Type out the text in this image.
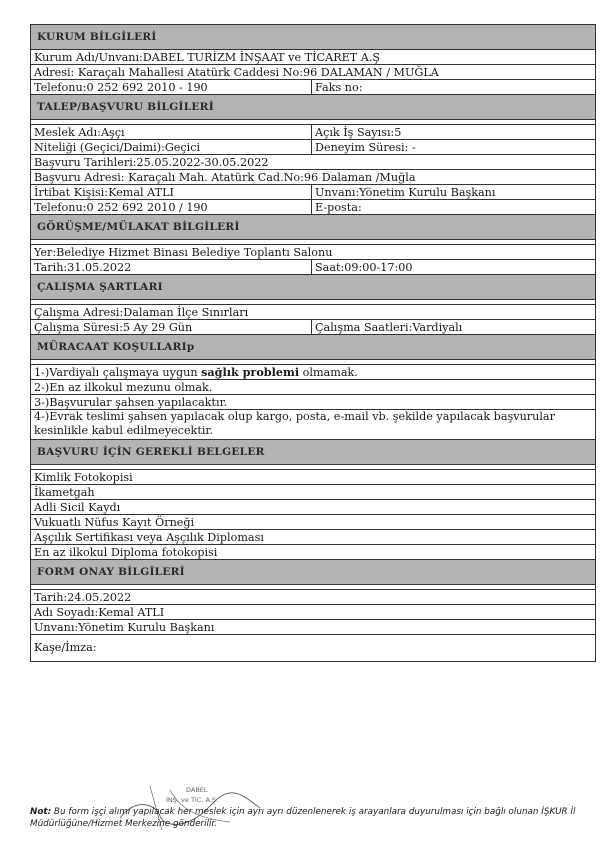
KURUM BİLGİLERİ
Kurum Adı/Unvanı:DABEL TURİZM İNŞAAT ve TİCARET A.Ş
Adresi: Karaçalı Mahallesi Atatürk Caddesi No:96 DALAMAN / MUĞLA
Telefonu:0 252 692 2010 - 190	Faks no:
TALEP/BAŞVURU BİLGİLERİ
Meslek Adı:Aşçı	Açık İş Sayısı:5
Niteliği (Geçici/Daimi):Geçici	Deneyim Süresi: -
Başvuru Tarihleri:25.05.2022-30.05.2022
Başvuru Adresi: Karaçalı Mah. Atatürk Cad.No:96 Dalaman /Muğla
İrtibat Kişisi:Kemal ATLI	Unvanı:Yönetim Kurulu Başkanı
Telefonu:0 252 692 2010 / 190	E-posta:
GÖRÜŞME/MÜLAKAT BİLGİLERİ
Yer:Belediye Hizmet Binası Belediye Toplantı Salonu
Tarih:31.05.2022	Saat:09:00-17:00
ÇALIŞMA ŞARTLARI
Çalışma Adresi:Dalaman İlçe Sınırları
Çalışma Süresi:5 Ay 29 Gün	Çalışma Saatleri:Vardiyalı
MÜRACAAT KOŞULLARIp
1-)Vardiyalı çalışmaya uygun sağlık problemi olmamak.
2-)En az ilkokul mezunu olmak.
3-)Başvurular şahsen yapılacaktır.
4-)Evrak teslimi şahsen yapılacak olup kargo, posta, e-mail vb. şekilde yapılacak başvurular kesinlikle kabul edilmeyecektir.
BAŞVURU İÇİN GEREKLİ BELGELER
Kimlik Fotokopisi
İkametgah
Adli Sicil Kaydı
Vukuatlı Nüfus Kayıt Örneği
Aşçılık Sertifikası veya Aşçılık Diploması
En az ilkokul Diploma fotokopisi
FORM ONAY BİLGİLERİ
Tarih:24.05.2022
Adı Soyadı:Kemal ATLI
Unvanı:Yönetim Kurulu Başkanı
Kaşe/İmza:
DABEL
İNŞ. ve TİC. A.Ş.
Not: Bu form işçi alımı yapılacak her meslek için ayrı ayrı düzenlenerek iş arayanlara duyurulması için bağlı olunan İŞKUR İl Müdürlüğüne/Hizmet Merkezine gönderilir.
